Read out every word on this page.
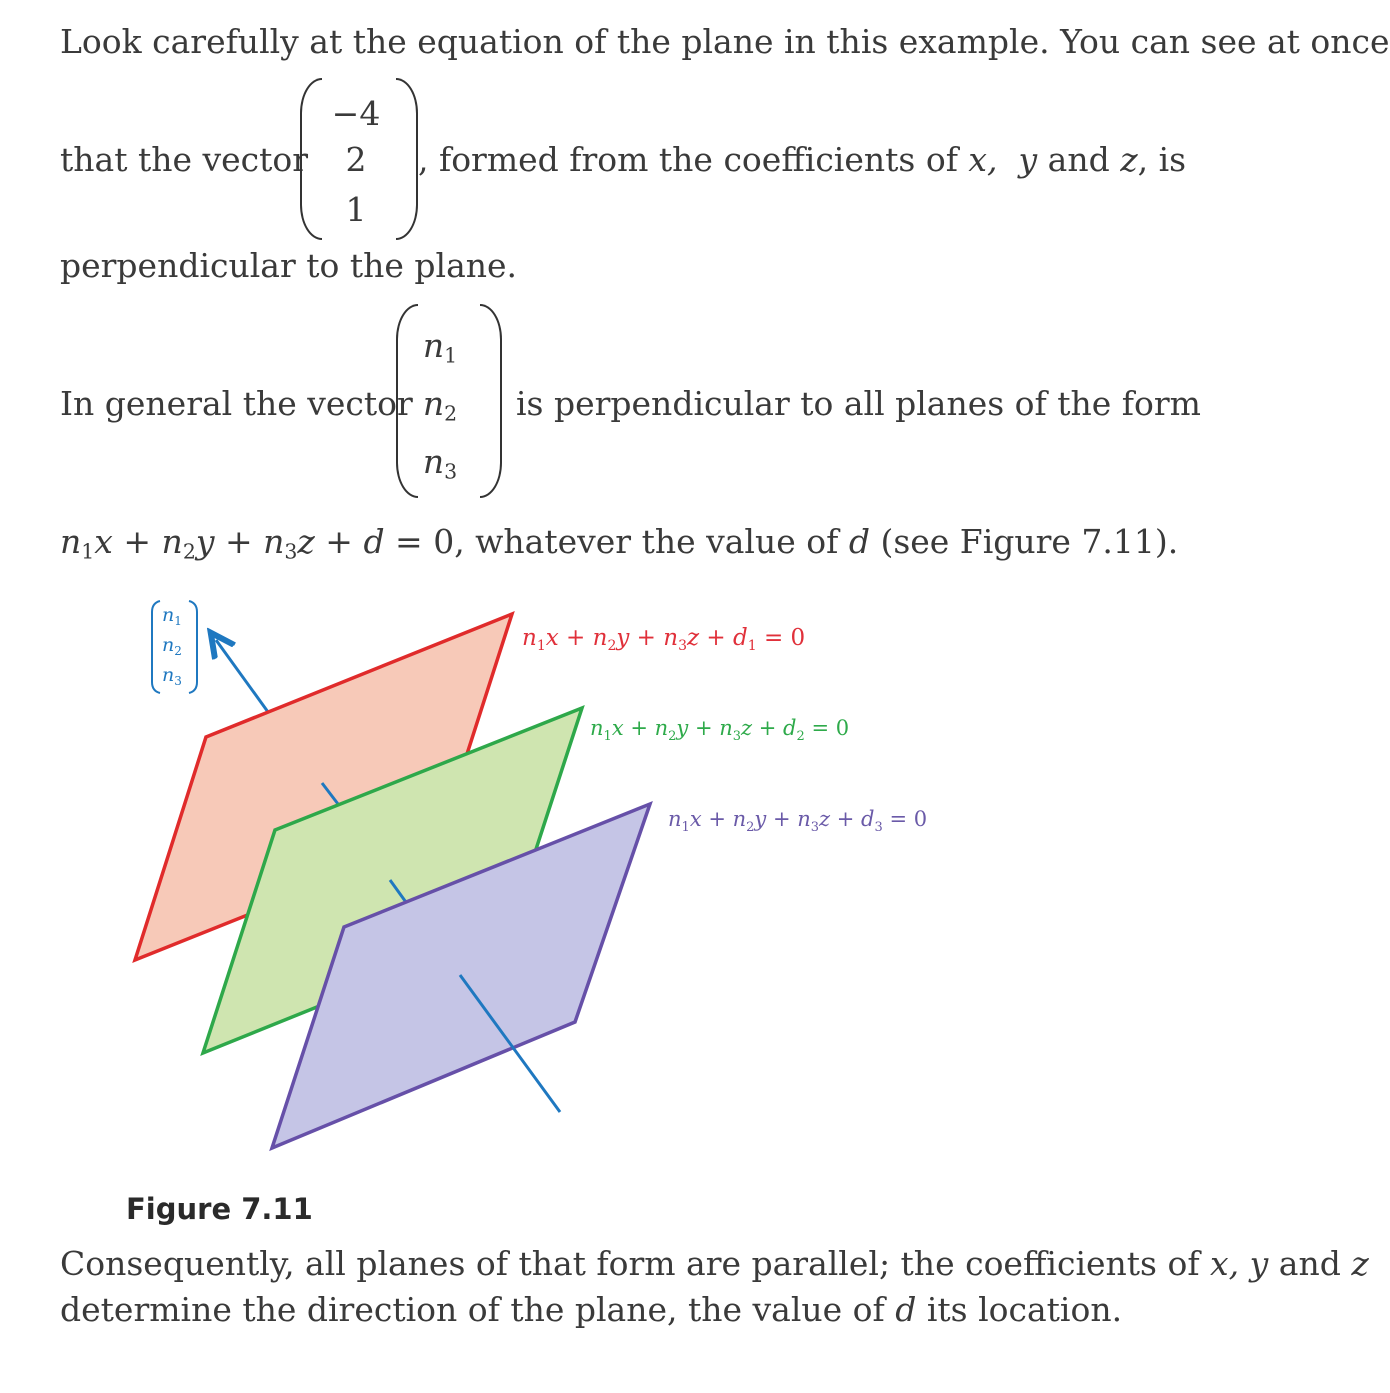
Look carefully at the equation of the plane in this example. You can see at once
that the vector
−4
2
1
, formed from the coefficients of x, y and z, is
perpendicular to the plane.
In general the vector
$n_1$
$n_2$
$n_3$
is perpendicular to all planes of the form
$n_1x + n_2y + n_3z + d = 0$, whatever the value of d (see Figure 7.11).
$n_1$
$n_2$
$n_3$
$n_1x + n_2y + n_3z + d_1 = 0$
$n_1x + n_2y + n_3z + d_2 = 0$
$n_1x + n_2y + n_3z + d_3 = 0$
Figure 7.11
Consequently, all planes of that form are parallel; the coefficients of x, y and z
determine the direction of the plane, the value of d its location.
